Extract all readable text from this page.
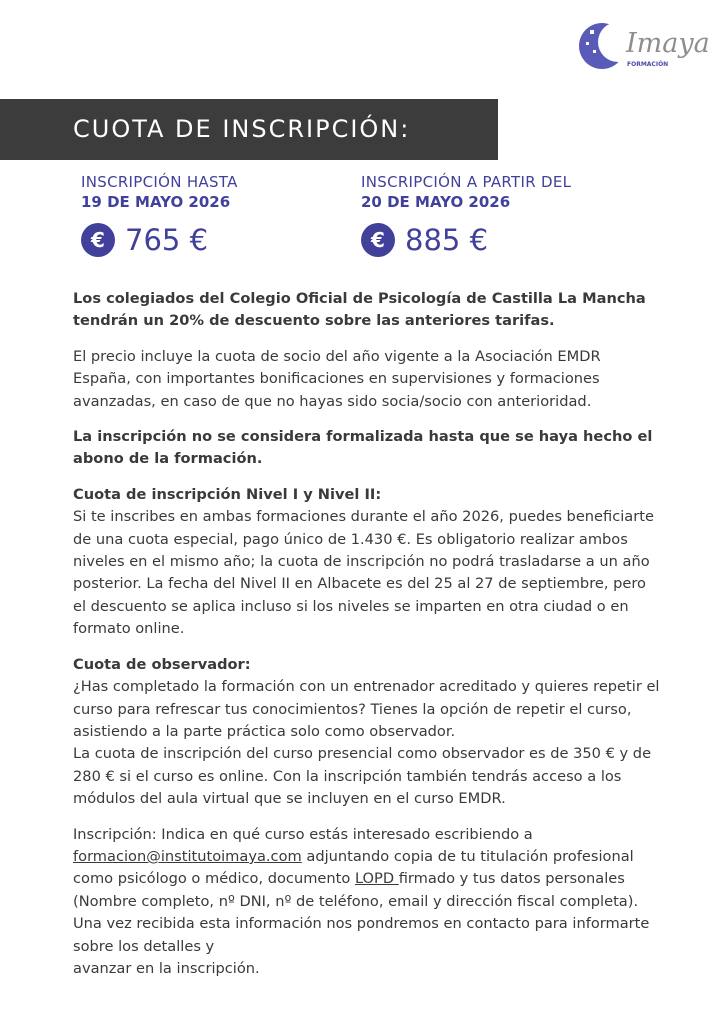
Imaya
FORMACIÓN
CUOTA DE INSCRIPCIÓN:
INSCRIPCIÓN HASTA
19 DE MAYO 2026
€ 765 €
INSCRIPCIÓN A PARTIR DEL
20 DE MAYO 2026
€ 885 €

Los colegiados del Colegio Oficial de Psicología de Castilla La Mancha tendrán un 20% de descuento sobre las anteriores tarifas.

El precio incluye la cuota de socio del año vigente a la Asociación EMDR España, con importantes bonificaciones en supervisiones y formaciones avanzadas, en caso de que no hayas sido socia/socio con anterioridad.

La inscripción no se considera formalizada hasta que se haya hecho el abono de la formación.

Cuota de inscripción Nivel I y Nivel II:
Si te inscribes en ambas formaciones durante el año 2026, puedes beneficiarte de una cuota especial, pago único de 1.430 €. Es obligatorio realizar ambos niveles en el mismo año; la cuota de inscripción no podrá trasladarse a un año posterior. La fecha del Nivel II en Albacete es del 25 al 27 de septiembre, pero el descuento se aplica incluso si los niveles se imparten en otra ciudad o en formato online.

Cuota de observador:
¿Has completado la formación con un entrenador acreditado y quieres repetir el curso para refrescar tus conocimientos? Tienes la opción de repetir el curso, asistiendo a la parte práctica solo como observador.
La cuota de inscripción del curso presencial como observador es de 350 € y de 280 € si el curso es online. Con la inscripción también tendrás acceso a los módulos del aula virtual que se incluyen en el curso EMDR.

Inscripción: Indica en qué curso estás interesado escribiendo a formacion@institutoimaya.com adjuntando copia de tu titulación profesional como psicólogo o médico, documento LOPD firmado y tus datos personales (Nombre completo, nº DNI, nº de teléfono, email y dirección fiscal completa). Una vez recibida esta información nos pondremos en contacto para informarte sobre los detalles y
avanzar en la inscripción.
